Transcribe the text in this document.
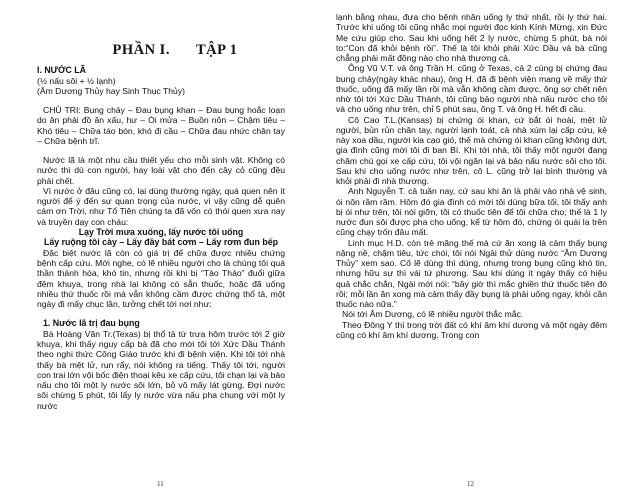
PHẦN I. TẬP 1
I. NƯỚC LÃ
(½ nấu sôi + ½ lạnh)
(Âm Dương Thủy hay Sinh Thục Thủy)
CHỦ TRỊ: Bụng chảy – Đau bụng khan – Đau bụng hoắc loạn do ăn phải đồ ăn xấu, hư – Ói mửa – Buồn nôn – Chậm tiêu – Khó tiêu – Chữa táo bón, khó đi cầu – Chữa đau nhức chân tay – Chữa bệnh trĩ.
Nước lã là một nhu cầu thiết yếu cho mỗi sinh vật. Không có nước thì dù con người, hay loài vật cho đến cây cỏ cũng đều phải chết.
Vì nước ở đâu cũng có, lại dùng thường ngày, quá quen nên ít người để ý đến sự quan trọng của nước, vì vậy cũng dễ quên cám ơn Trời, như Tổ Tiên chúng ta đã vốn có thói quen xưa nay và truyền dạy con cháu:
Lạy Trời mưa xuống, lấy nước tôi uống
Lấy ruộng tôi cày – Lấy đầy bát cơm – Lấy rơm đun bếp
Đặc biệt nước lã còn có giá trị để chữa được nhiều chứng bệnh cấp cứu. Mới nghe, có lẽ nhiều người cho là chúng tôi quá thần thánh hóa, khó tin, nhưng rồi khi bị “Tào Tháo” đuổi giữa đêm khuya, trong nhà lại không có sẵn thuốc, hoặc đã uống nhiều thứ thuốc rồi mà vẫn không cầm được chứng thổ tả, một ngày đi mấy chục lần, tưởng chết tới nơi như:
1. Nước lã trị đau bụng
Bà Hoàng Văn Tr.(Texas) bị thổ tả từ trưa hôm trước tới 2 giờ khuya, khi thấy nguy cấp bà đã cho mời tôi tới Xức Dầu Thánh theo nghi thức Công Giáo trước khi đi bệnh viện. Khi tôi tới nhà thấy bà mệt lử, run rẩy, nói không ra tiếng. Thấy tôi tới, người con trai lớn vội bốc điện thoại kêu xe cấp cứu, tôi chạn lại và bảo nấu cho tôi một ly nước sôi lớn, bỏ vô mấy lát gừng. Đợi nước sôi chừng 5 phút, tôi lấy ly nước vừa nấu pha chung với một ly nước
11
lạnh bằng nhau, đưa cho bệnh nhân uống ly thứ nhất, rồi ly thứ hai. Trước khi uống tôi cũng nhắc mọi người đọc kinh Kính Mừng, xin Đức Mẹ cứu giúp cho. Sau khi uống hết 2 ly nước, chừng 5 phút, bà nói to:“Con đã khỏi bệnh rồi”. Thế là tôi khỏi phải Xức Dầu và bà cũng chẳng phải mất đồng nào cho nhà thương cả.
Ông Vũ V.T. và ông Trần H. cũng ở Texas, cả 2 cùng bị chứng đau bụng chảy(ngày khác nhau), ông H. đã đi bệnh viện mang về mấy thứ thuốc, uống đã mấy lần rồi mà vẫn không cầm được, ông sợ chết nên nhờ tôi tới Xức Dầu Thánh, tôi cũng bảo người nhà nấu nước cho tôi và cho uống như trên, chỉ 5 phút sau, ông T. và ông H. hết đi cầu.
Cô Cao T.L.(Kansas) bị chứng ói khan, cứ bắt ói hoài, mệt lử người, bủn rủn chân tay, người lạnh toát, cả nhà xúm lại cấp cứu, kẻ này xoa dầu, người kia cạo gió, thế mà chứng ói khan cũng không dứt, gia đình cũng mời tôi đi ban Bí. Khi tới nhà, tôi thấy một người đang chăm chú gọi xe cấp cứu, tôi vội ngăn lại và bảo nấu nước sôi cho tôi. Sau khi cho uống nước như trên, cô L. cũng trở lại bình thường và khỏi phải đi nhà thương.
Anh Nguyễn T. cả tuần nay, cứ sau khi ăn là phải vào nhà vệ sinh, ói nôn rầm rầm. Hôm đó gia đình có mời tôi dùng bữa tối, tôi thấy anh bị ói như trên, tôi nói giỡn, tôi có thuốc tiên để tôi chữa cho; thế là 1 ly nước đun sôi được pha cho uống, kể từ hôm đó, chứng ói quái lạ trên cũng chạy trốn đâu mất.
Linh mục H.D. còn trẻ măng thế mà cứ ăn xong là cảm thấy bụng nặng nề, chậm tiêu, tức chói, tôi nói Ngài thử dùng nước “Âm Dương Thủy” xem sao. Cố lẽ dùng thì dùng, nhưng trong bụng cũng khó tin, nhưng hữu sự thì vái tứ phương. Sau khi dùng ít ngày thấy có hiệu quả chắc chắn, Ngài mới nói: “bây giờ thì mắc ghiền thứ thuốc tiên đó rồi; mỗi lần ăn xong mà cảm thấy đầy bụng là phải uống ngay, khỏi cần thuốc nào nữa.”
Nói tới Âm Dương, có lẽ nhiều người thắc mắc.
Theo Đông Y thì trong trời đất có khí âm khí dương và một ngày đêm cũng có khí âm khí dương. Trong con
12
